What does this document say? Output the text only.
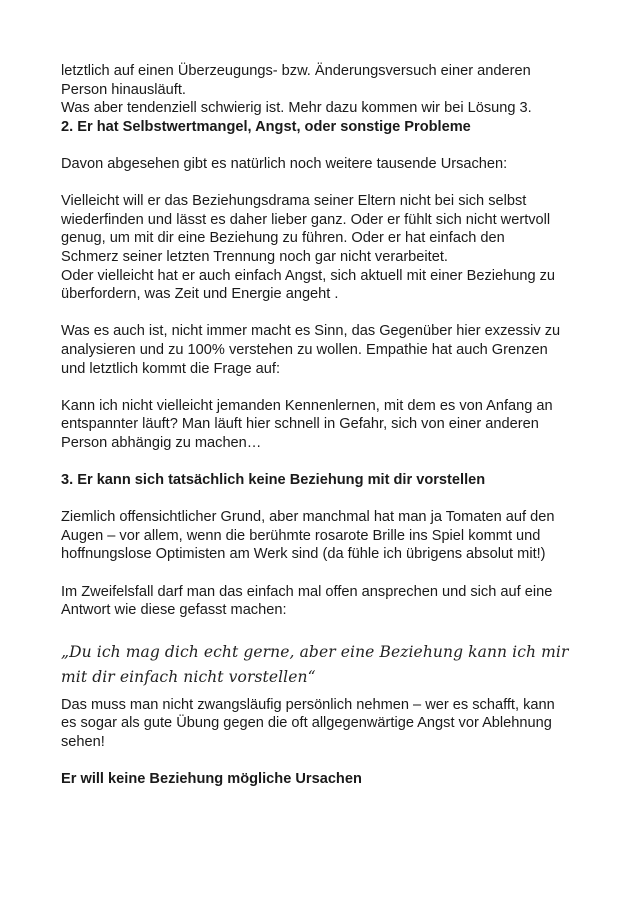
letztlich auf einen Überzeugungs- bzw. Änderungsversuch einer anderen
Person hinausläuft.
Was aber tendenziell schwierig ist. Mehr dazu kommen wir bei Lösung 3.
2. Er hat Selbstwertmangel, Angst, oder sonstige Probleme
Davon abgesehen gibt es natürlich noch weitere tausende Ursachen:
Vielleicht will er das Beziehungsdrama seiner Eltern nicht bei sich selbst
wiederfinden und lässt es daher lieber ganz. Oder er fühlt sich nicht wertvoll
genug, um mit dir eine Beziehung zu führen. Oder er hat einfach den
Schmerz seiner letzten Trennung noch gar nicht verarbeitet.
Oder vielleicht hat er auch einfach Angst, sich aktuell mit einer Beziehung zu
überfordern, was Zeit und Energie angeht .
Was es auch ist, nicht immer macht es Sinn, das Gegenüber hier exzessiv zu
analysieren und zu 100% verstehen zu wollen. Empathie hat auch Grenzen
und letztlich kommt die Frage auf:
Kann ich nicht vielleicht jemanden Kennenlernen, mit dem es von Anfang an
entspannter läuft? Man läuft hier schnell in Gefahr, sich von einer anderen
Person abhängig zu machen…
3. Er kann sich tatsächlich keine Beziehung mit dir vorstellen
Ziemlich offensichtlicher Grund, aber manchmal hat man ja Tomaten auf den
Augen – vor allem, wenn die berühmte rosarote Brille ins Spiel kommt und
hoffnungslose Optimisten am Werk sind (da fühle ich übrigens absolut mit!)
Im Zweifelsfall darf man das einfach mal offen ansprechen und sich auf eine
Antwort wie diese gefasst machen:
„Du ich mag dich echt gerne, aber eine Beziehung kann ich mir
mit dir einfach nicht vorstellen“
Das muss man nicht zwangsläufig persönlich nehmen – wer es schafft, kann
es sogar als gute Übung gegen die oft allgegenwärtige Angst vor Ablehnung
sehen!
Er will keine Beziehung mögliche Ursachen
